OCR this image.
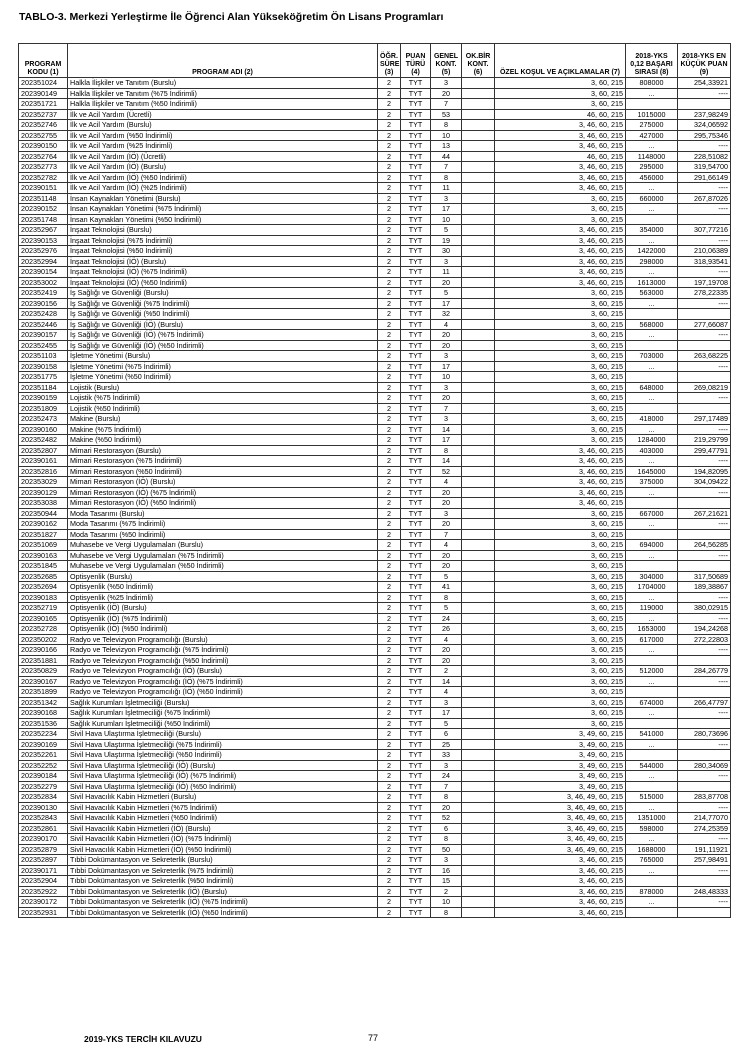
TABLO-3. Merkezi Yerleştirme İle Öğrenci Alan Yükseköğretim Ön Lisans Programları
PROGRAM KODU (1)	PROGRAM ADI (2)	ÖĞR. SÜRE (3)	PUAN TÜRÜ (4)	GENEL KONT. (5)	OK.BİR KONT. (6)	ÖZEL KOŞUL VE AÇIKLAMALAR (7)	2018-YKS 0,12 BAŞARI SIRASI (8)	2018-YKS EN KÜÇÜK PUAN (9)
202351024	Halkla İlişkiler ve Tanıtım (Burslu)	2	TYT	3		3, 60, 215	808000	254,33921
202390149	Halkla İlişkiler ve Tanıtım (%75 İndirimli)	2	TYT	20		3, 60, 215	...	----
202351721	Halkla İlişkiler ve Tanıtım (%50 İndirimli)	2	TYT	7		3, 60, 215		
202352737	İlk ve Acil Yardım (Ücretli)	2	TYT	53		46, 60, 215	1015000	237,98249
202352746	İlk ve Acil Yardım (Burslu)	2	TYT	8		3, 46, 60, 215	275000	324,06592
202352755	İlk ve Acil Yardım (%50 İndirimli)	2	TYT	10		3, 46, 60, 215	427000	295,75346
202390150	İlk ve Acil Yardım (%25 İndirimli)	2	TYT	13		3, 46, 60, 215	...	----
202352764	İlk ve Acil Yardım (İÖ) (Ücretli)	2	TYT	44		46, 60, 215	1148000	228,51082
202352773	İlk ve Acil Yardım (İÖ) (Burslu)	2	TYT	7		3, 46, 60, 215	295000	319,54700
202352782	İlk ve Acil Yardım (İÖ) (%50 İndirimli)	2	TYT	8		3, 46, 60, 215	456000	291,66149
202390151	İlk ve Acil Yardım (İÖ) (%25 İndirimli)	2	TYT	11		3, 46, 60, 215	...	----
202351148	İnsan Kaynakları Yönetimi (Burslu)	2	TYT	3		3, 60, 215	660000	267,87026
202390152	İnsan Kaynakları Yönetimi (%75 İndirimli)	2	TYT	17		3, 60, 215	...	----
202351748	İnsan Kaynakları Yönetimi (%50 İndirimli)	2	TYT	10		3, 60, 215		
202352967	İnşaat Teknolojisi (Burslu)	2	TYT	5		3, 46, 60, 215	354000	307,77216
202390153	İnşaat Teknolojisi (%75 İndirimli)	2	TYT	19		3, 46, 60, 215	...	----
202352976	İnşaat Teknolojisi (%50 İndirimli)	2	TYT	30		3, 46, 60, 215	1422000	210,06389
202352994	İnşaat Teknolojisi (İÖ) (Burslu)	2	TYT	3		3, 46, 60, 215	298000	318,93541
202390154	İnşaat Teknolojisi (İÖ) (%75 İndirimli)	2	TYT	11		3, 46, 60, 215	...	----
202353002	İnşaat Teknolojisi (İÖ) (%50 İndirimli)	2	TYT	20		3, 46, 60, 215	1613000	197,19708
202352419	İş Sağlığı ve Güvenliği (Burslu)	2	TYT	5		3, 60, 215	563000	278,22335
202390156	İş Sağlığı ve Güvenliği (%75 İndirimli)	2	TYT	17		3, 60, 215	...	----
202352428	İş Sağlığı ve Güvenliği (%50 İndirimli)	2	TYT	32		3, 60, 215		
202352446	İş Sağlığı ve Güvenliği (İÖ) (Burslu)	2	TYT	4		3, 60, 215	568000	277,66087
202390157	İş Sağlığı ve Güvenliği (İÖ) (%75 İndirimli)	2	TYT	20		3, 60, 215	...	----
202352455	İş Sağlığı ve Güvenliği (İÖ) (%50 İndirimli)	2	TYT	20		3, 60, 215		
202351103	İşletme Yönetimi (Burslu)	2	TYT	3		3, 60, 215	703000	263,68225
202390158	İşletme Yönetimi (%75 İndirimli)	2	TYT	17		3, 60, 215	...	----
202351775	İşletme Yönetimi (%50 İndirimli)	2	TYT	10		3, 60, 215		
202351184	Lojistik (Burslu)	2	TYT	3		3, 60, 215	648000	269,08219
202390159	Lojistik (%75 İndirimli)	2	TYT	20		3, 60, 215	...	----
202351809	Lojistik (%50 İndirimli)	2	TYT	7		3, 60, 215		
202352473	Makine (Burslu)	2	TYT	3		3, 60, 215	418000	297,17489
202390160	Makine (%75 İndirimli)	2	TYT	14		3, 60, 215	...	----
202352482	Makine (%50 İndirimli)	2	TYT	17		3, 60, 215	1284000	219,29799
202352807	Mimari Restorasyon (Burslu)	2	TYT	8		3, 46, 60, 215	403000	299,47791
202390161	Mimari Restorasyon (%75 İndirimli)	2	TYT	14		3, 46, 60, 215	...	----
202352816	Mimari Restorasyon (%50 İndirimli)	2	TYT	52		3, 46, 60, 215	1645000	194,82095
202353029	Mimari Restorasyon (İÖ) (Burslu)	2	TYT	4		3, 46, 60, 215	375000	304,09422
202390129	Mimari Restorasyon (İÖ) (%75 İndirimli)	2	TYT	20		3, 46, 60, 215	...	----
202353038	Mimari Restorasyon (İÖ) (%50 İndirimli)	2	TYT	20		3, 46, 60, 215		
202350944	Moda Tasarımı (Burslu)	2	TYT	3		3, 60, 215	667000	267,21621
202390162	Moda Tasarımı (%75 İndirimli)	2	TYT	20		3, 60, 215	...	----
202351827	Moda Tasarımı (%50 İndirimli)	2	TYT	7		3, 60, 215		
202351069	Muhasebe ve Vergi Uygulamaları (Burslu)	2	TYT	4		3, 60, 215	694000	264,56285
202390163	Muhasebe ve Vergi Uygulamaları (%75 İndirimli)	2	TYT	20		3, 60, 215	...	----
202351845	Muhasebe ve Vergi Uygulamaları (%50 İndirimli)	2	TYT	20		3, 60, 215		
202352685	Optisyenlik (Burslu)	2	TYT	5		3, 60, 215	304000	317,50689
202352694	Optisyenlik (%50 İndirimli)	2	TYT	41		3, 60, 215	1704000	189,38867
202390183	Optisyenlik (%25 İndirimli)	2	TYT	8		3, 60, 215	...	----
202352719	Optisyenlik (İÖ) (Burslu)	2	TYT	5		3, 60, 215	119000	380,02915
202390165	Optisyenlik (İÖ) (%75 İndirimli)	2	TYT	24		3, 60, 215	...	----
202352728	Optisyenlik (İÖ) (%50 İndirimli)	2	TYT	26		3, 60, 215	1653000	194,24268
202350202	Radyo ve Televizyon Programcılığı (Burslu)	2	TYT	4		3, 60, 215	617000	272,22803
202390166	Radyo ve Televizyon Programcılığı (%75 İndirimli)	2	TYT	20		3, 60, 215	...	----
202351881	Radyo ve Televizyon Programcılığı (%50 İndirimli)	2	TYT	20		3, 60, 215		
202350829	Radyo ve Televizyon Programcılığı (İÖ) (Burslu)	2	TYT	2		3, 60, 215	512000	284,26779
202390167	Radyo ve Televizyon Programcılığı (İÖ) (%75 İndirimli)	2	TYT	14		3, 60, 215	...	----
202351899	Radyo ve Televizyon Programcılığı (İÖ) (%50 İndirimli)	2	TYT	4		3, 60, 215		
202351342	Sağlık Kurumları İşletmeciliği (Burslu)	2	TYT	3		3, 60, 215	674000	266,47797
202390168	Sağlık Kurumları İşletmeciliği (%75 İndirimli)	2	TYT	17		3, 60, 215	...	----
202351536	Sağlık Kurumları İşletmeciliği (%50 İndirimli)	2	TYT	5		3, 60, 215		
202352234	Sivil Hava Ulaştırma İşletmeciliği (Burslu)	2	TYT	6		3, 49, 60, 215	541000	280,73696
202390169	Sivil Hava Ulaştırma İşletmeciliği (%75 İndirimli)	2	TYT	25		3, 49, 60, 215	...	----
202352261	Sivil Hava Ulaştırma İşletmeciliği (%50 İndirimli)	2	TYT	33		3, 49, 60, 215		
202352252	Sivil Hava Ulaştırma İşletmeciliği (İÖ) (Burslu)	2	TYT	3		3, 49, 60, 215	544000	280,34069
202390184	Sivil Hava Ulaştırma İşletmeciliği (İÖ) (%75 İndirimli)	2	TYT	24		3, 49, 60, 215	...	----
202352279	Sivil Hava Ulaştırma İşletmeciliği (İÖ) (%50 İndirimli)	2	TYT	7		3, 49, 60, 215		
202352834	Sivil Havacılık Kabin Hizmetleri (Burslu)	2	TYT	8		3, 46, 49, 60, 215	515000	283,87708
202390130	Sivil Havacılık Kabin Hizmetleri (%75 İndirimli)	2	TYT	20		3, 46, 49, 60, 215	...	----
202352843	Sivil Havacılık Kabin Hizmetleri (%50 İndirimli)	2	TYT	52		3, 46, 49, 60, 215	1351000	214,77070
202352861	Sivil Havacılık Kabin Hizmetleri (İÖ) (Burslu)	2	TYT	6		3, 46, 49, 60, 215	598000	274,25359
202390170	Sivil Havacılık Kabin Hizmetleri (İÖ) (%75 İndirimli)	2	TYT	8		3, 46, 49, 60, 215	...	----
202352879	Sivil Havacılık Kabin Hizmetleri (İÖ) (%50 İndirimli)	2	TYT	50		3, 46, 49, 60, 215	1688000	191,11921
202352897	Tıbbi Dokümantasyon ve Sekreterlik (Burslu)	2	TYT	3		3, 46, 60, 215	765000	257,98491
202390171	Tıbbi Dokümantasyon ve Sekreterlik (%75 İndirimli)	2	TYT	16		3, 46, 60, 215	...	----
202352904	Tıbbi Dokümantasyon ve Sekreterlik (%50 İndirimli)	2	TYT	15		3, 46, 60, 215		
202352922	Tıbbi Dokümantasyon ve Sekreterlik (İÖ) (Burslu)	2	TYT	2		3, 46, 60, 215	878000	248,48333
202390172	Tıbbi Dokümantasyon ve Sekreterlik (İÖ) (%75 İndirimli)	2	TYT	10		3, 46, 60, 215	...	----
202352931	Tıbbi Dokümantasyon ve Sekreterlik (İÖ) (%50 İndirimli)	2	TYT	8		3, 46, 60, 215		
2019-YKS TERCİH KILAVUZU	77
